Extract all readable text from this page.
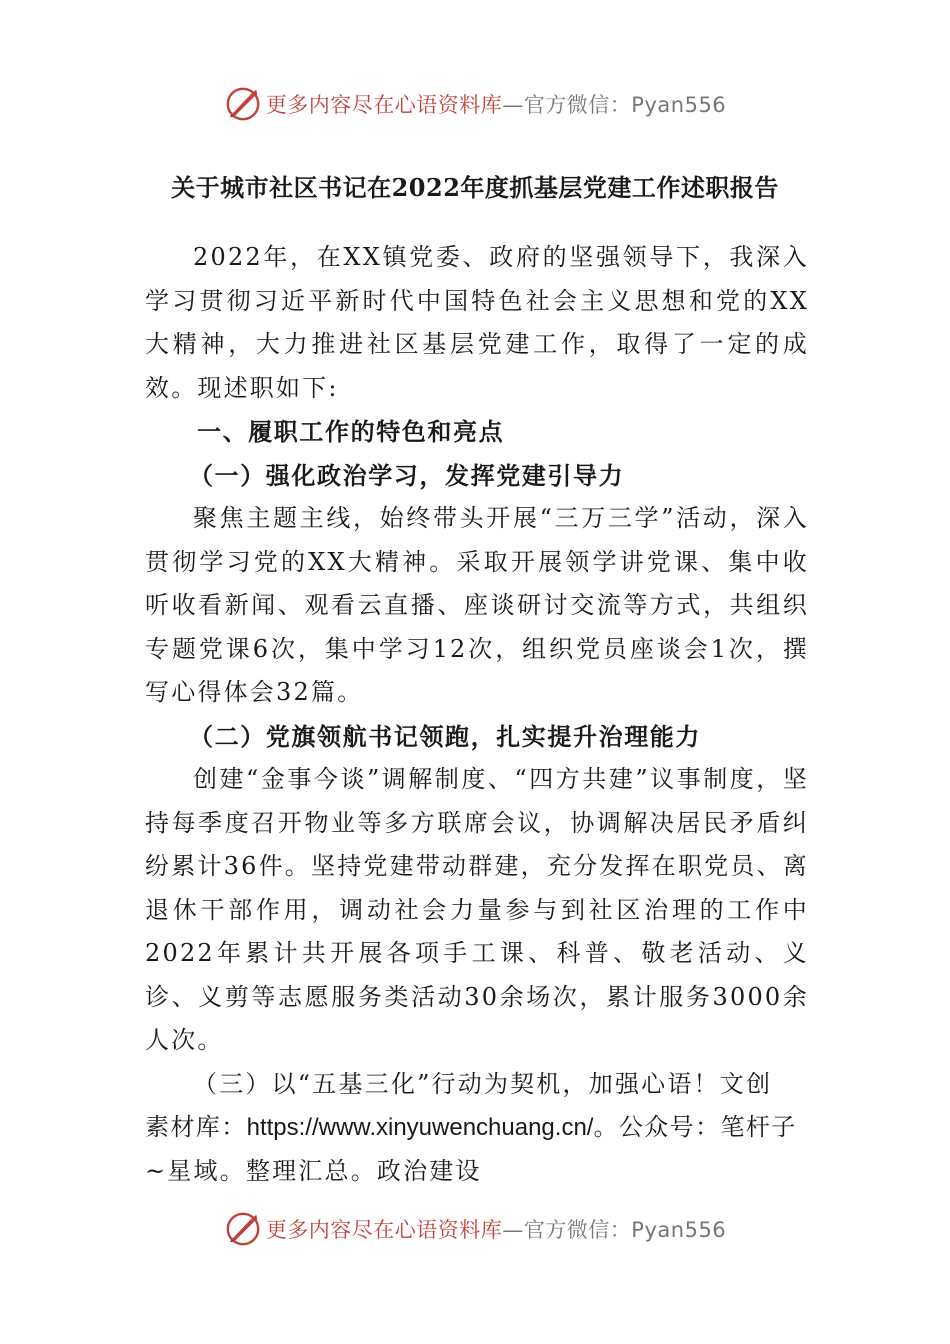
更多内容尽在心语资料库—官方微信：Pyan556
关于城市社区书记在2022年度抓基层党建工作述职报告

2022年，在XX镇党委、政府的坚强领导下，我深入学习贯彻习近平新时代中国特色社会主义思想和党的XX大精神，大力推进社区基层党建工作，取得了一定的成效。现述职如下:

一、履职工作的特色和亮点

（一）强化政治学习，发挥党建引导力

聚焦主题主线，始终带头开展“三万三学”活动，深入贯彻学习党的XX大精神。采取开展领学讲党课、集中收听收看新闻、观看云直播、座谈研讨交流等方式，共组织专题党课6次，集中学习12次，组织党员座谈会1次，撰写心得体会32篇。

（二）党旗领航书记领跑，扎实提升治理能力

创建“金事今谈”调解制度、“四方共建”议事制度，坚持每季度召开物业等多方联席会议，协调解决居民矛盾纠纷累计36件。坚持党建带动群建，充分发挥在职党员、离退休干部作用，调动社会力量参与到社区治理的工作中2022年累计共开展各项手工课、科普、敬老活动、义诊、义剪等志愿服务类活动30余场次，累计服务3000余人次。

（三）以“五基三化”行动为契机，加强心语！文创

素材库：https://www.xinyuwenchuang.cn/。公众号：笔杆子

~星域。整理汇总。政治建设

更多内容尽在心语资料库—官方微信：Pyan556
